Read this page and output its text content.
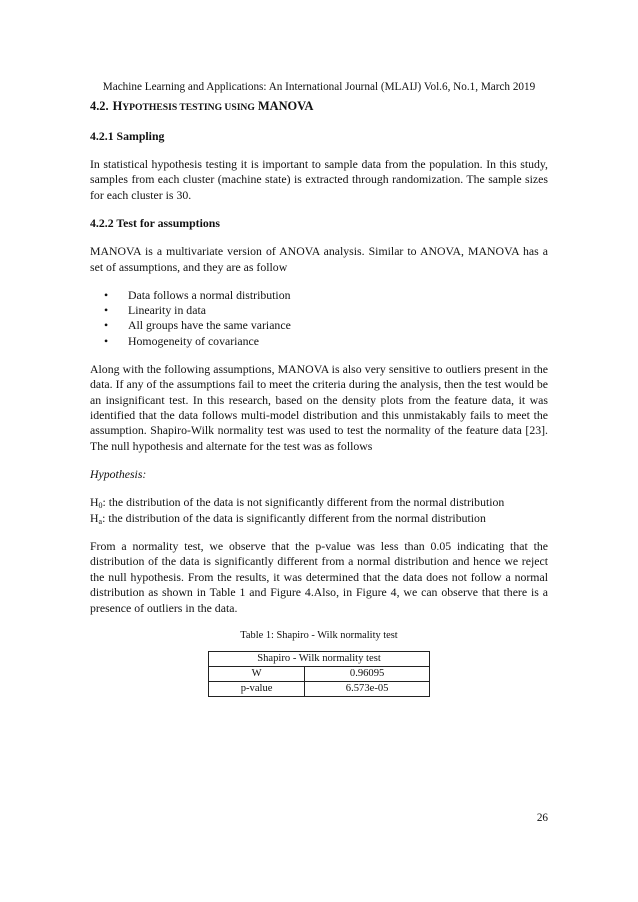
Machine Learning and Applications: An International Journal (MLAIJ) Vol.6, No.1, March 2019
4.2. HYPOTHESIS TESTING USING MANOVA
4.2.1 Sampling

In statistical hypothesis testing it is important to sample data from the population. In this study, samples from each cluster (machine state) is extracted through randomization. The sample sizes for each cluster is 30.

4.2.2 Test for assumptions

MANOVA is a multivariate version of ANOVA analysis. Similar to ANOVA, MANOVA has a set of assumptions, and they are as follow

• Data follows a normal distribution
• Linearity in data
• All groups have the same variance
• Homogeneity of covariance

Along with the following assumptions, MANOVA is also very sensitive to outliers present in the data. If any of the assumptions fail to meet the criteria during the analysis, then the test would be an insignificant test. In this research, based on the density plots from the feature data, it was identified that the data follows multi-model distribution and this unmistakably fails to meet the assumption. Shapiro-Wilk normality test was used to test the normality of the feature data [23]. The null hypothesis and alternate for the test was as follows

Hypothesis:
$H_0$: the distribution of the data is not significantly different from the normal distribution
$H_a$: the distribution of the data is significantly different from the normal distribution

From a normality test, we observe that the p-value was less than 0.05 indicating that the distribution of the data is significantly different from a normal distribution and hence we reject the null hypothesis. From the results, it was determined that the data does not follow a normal distribution as shown in Table 1 and Figure 4.Also, in Figure 4, we can observe that there is a presence of outliers in the data.

Table 1: Shapiro - Wilk normality test
Shapiro - Wilk normality test	
W	0.96095
p-value	6.573e-05
26
